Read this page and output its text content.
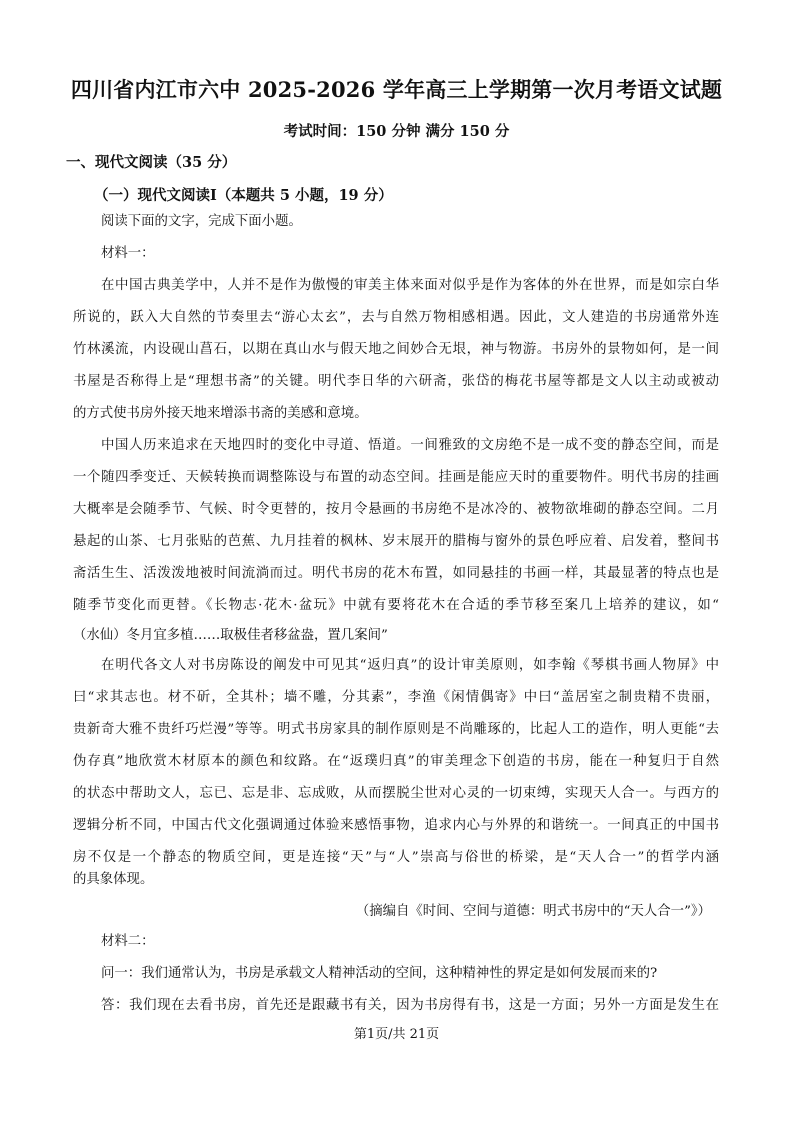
四川省内江市六中 2025-2026 学年高三上学期第一次月考语文试题
考试时间：150 分钟 满分 150 分
一、现代文阅读（35 分）
（一）现代文阅读Ⅰ（本题共 5 小题，19 分）
阅读下面的文字，完成下面小题。
材料一：
在中国古典美学中，人并不是作为傲慢的审美主体来面对似乎是作为客体的外在世界，而是如宗白华
所说的，跃入大自然的节奏里去“游心太玄”，去与自然万物相感相遇。因此，文人建造的书房通常外连
竹林溪流，内设砚山菖石，以期在真山水与假天地之间妙合无垠，神与物游。书房外的景物如何，是一间
书屋是否称得上是“理想书斋”的关键。明代李日华的六研斋，张岱的梅花书屋等都是文人以主动或被动
的方式使书房外接天地来增添书斋的美感和意境。
中国人历来追求在天地四时的变化中寻道、悟道。一间雅致的文房绝不是一成不变的静态空间，而是
一个随四季变迁、天候转换而调整陈设与布置的动态空间。挂画是能应天时的重要物件。明代书房的挂画
大概率是会随季节、气候、时令更替的，按月令悬画的书房绝不是冰冷的、被物欲堆砌的静态空间。二月
悬起的山茶、七月张贴的芭蕉、九月挂着的枫林、岁末展开的腊梅与窗外的景色呼应着、启发着，整间书
斋活生生、活泼泼地被时间流淌而过。明代书房的花木布置，如同悬挂的书画一样，其最显著的特点也是
随季节变化而更替。《长物志·花木·盆玩》中就有要将花木在合适的季节移至案几上培养的建议，如“
（水仙）冬月宜多植……取极佳者移盆盎，置几案间”
在明代各文人对书房陈设的阐发中可见其“返归真”的设计审美原则，如李翰《琴棋书画人物屏》中
曰“求其志也。材不斫，全其朴；墙不雕，分其素”，李渔《闲情偶寄》中曰“盖居室之制贵精不贵丽，
贵新奇大雅不贵纤巧烂漫”等等。明式书房家具的制作原则是不尚雕琢的，比起人工的造作，明人更能“去
伪存真”地欣赏木材原本的颜色和纹路。在“返璞归真”的审美理念下创造的书房，能在一种复归于自然
的状态中帮助文人，忘已、忘是非、忘成败，从而摆脱尘世对心灵的一切束缚，实现天人合一。与西方的
逻辑分析不同，中国古代文化强调通过体验来感悟事物，追求内心与外界的和谐统一。一间真正的中国书
房不仅是一个静态的物质空间，更是连接“天”与“人”崇高与俗世的桥梁，是“天人合一”的哲学内涵
的具象体现。
（摘编自《时间、空间与道德：明式书房中的“天人合一”》）
材料二：
问一：我们通常认为，书房是承载文人精神活动的空间，这种精神性的界定是如何发展而来的?
答：我们现在去看书房，首先还是跟藏书有关，因为书房得有书，这是一方面；另外一方面是发生在
第1页/共 21页
